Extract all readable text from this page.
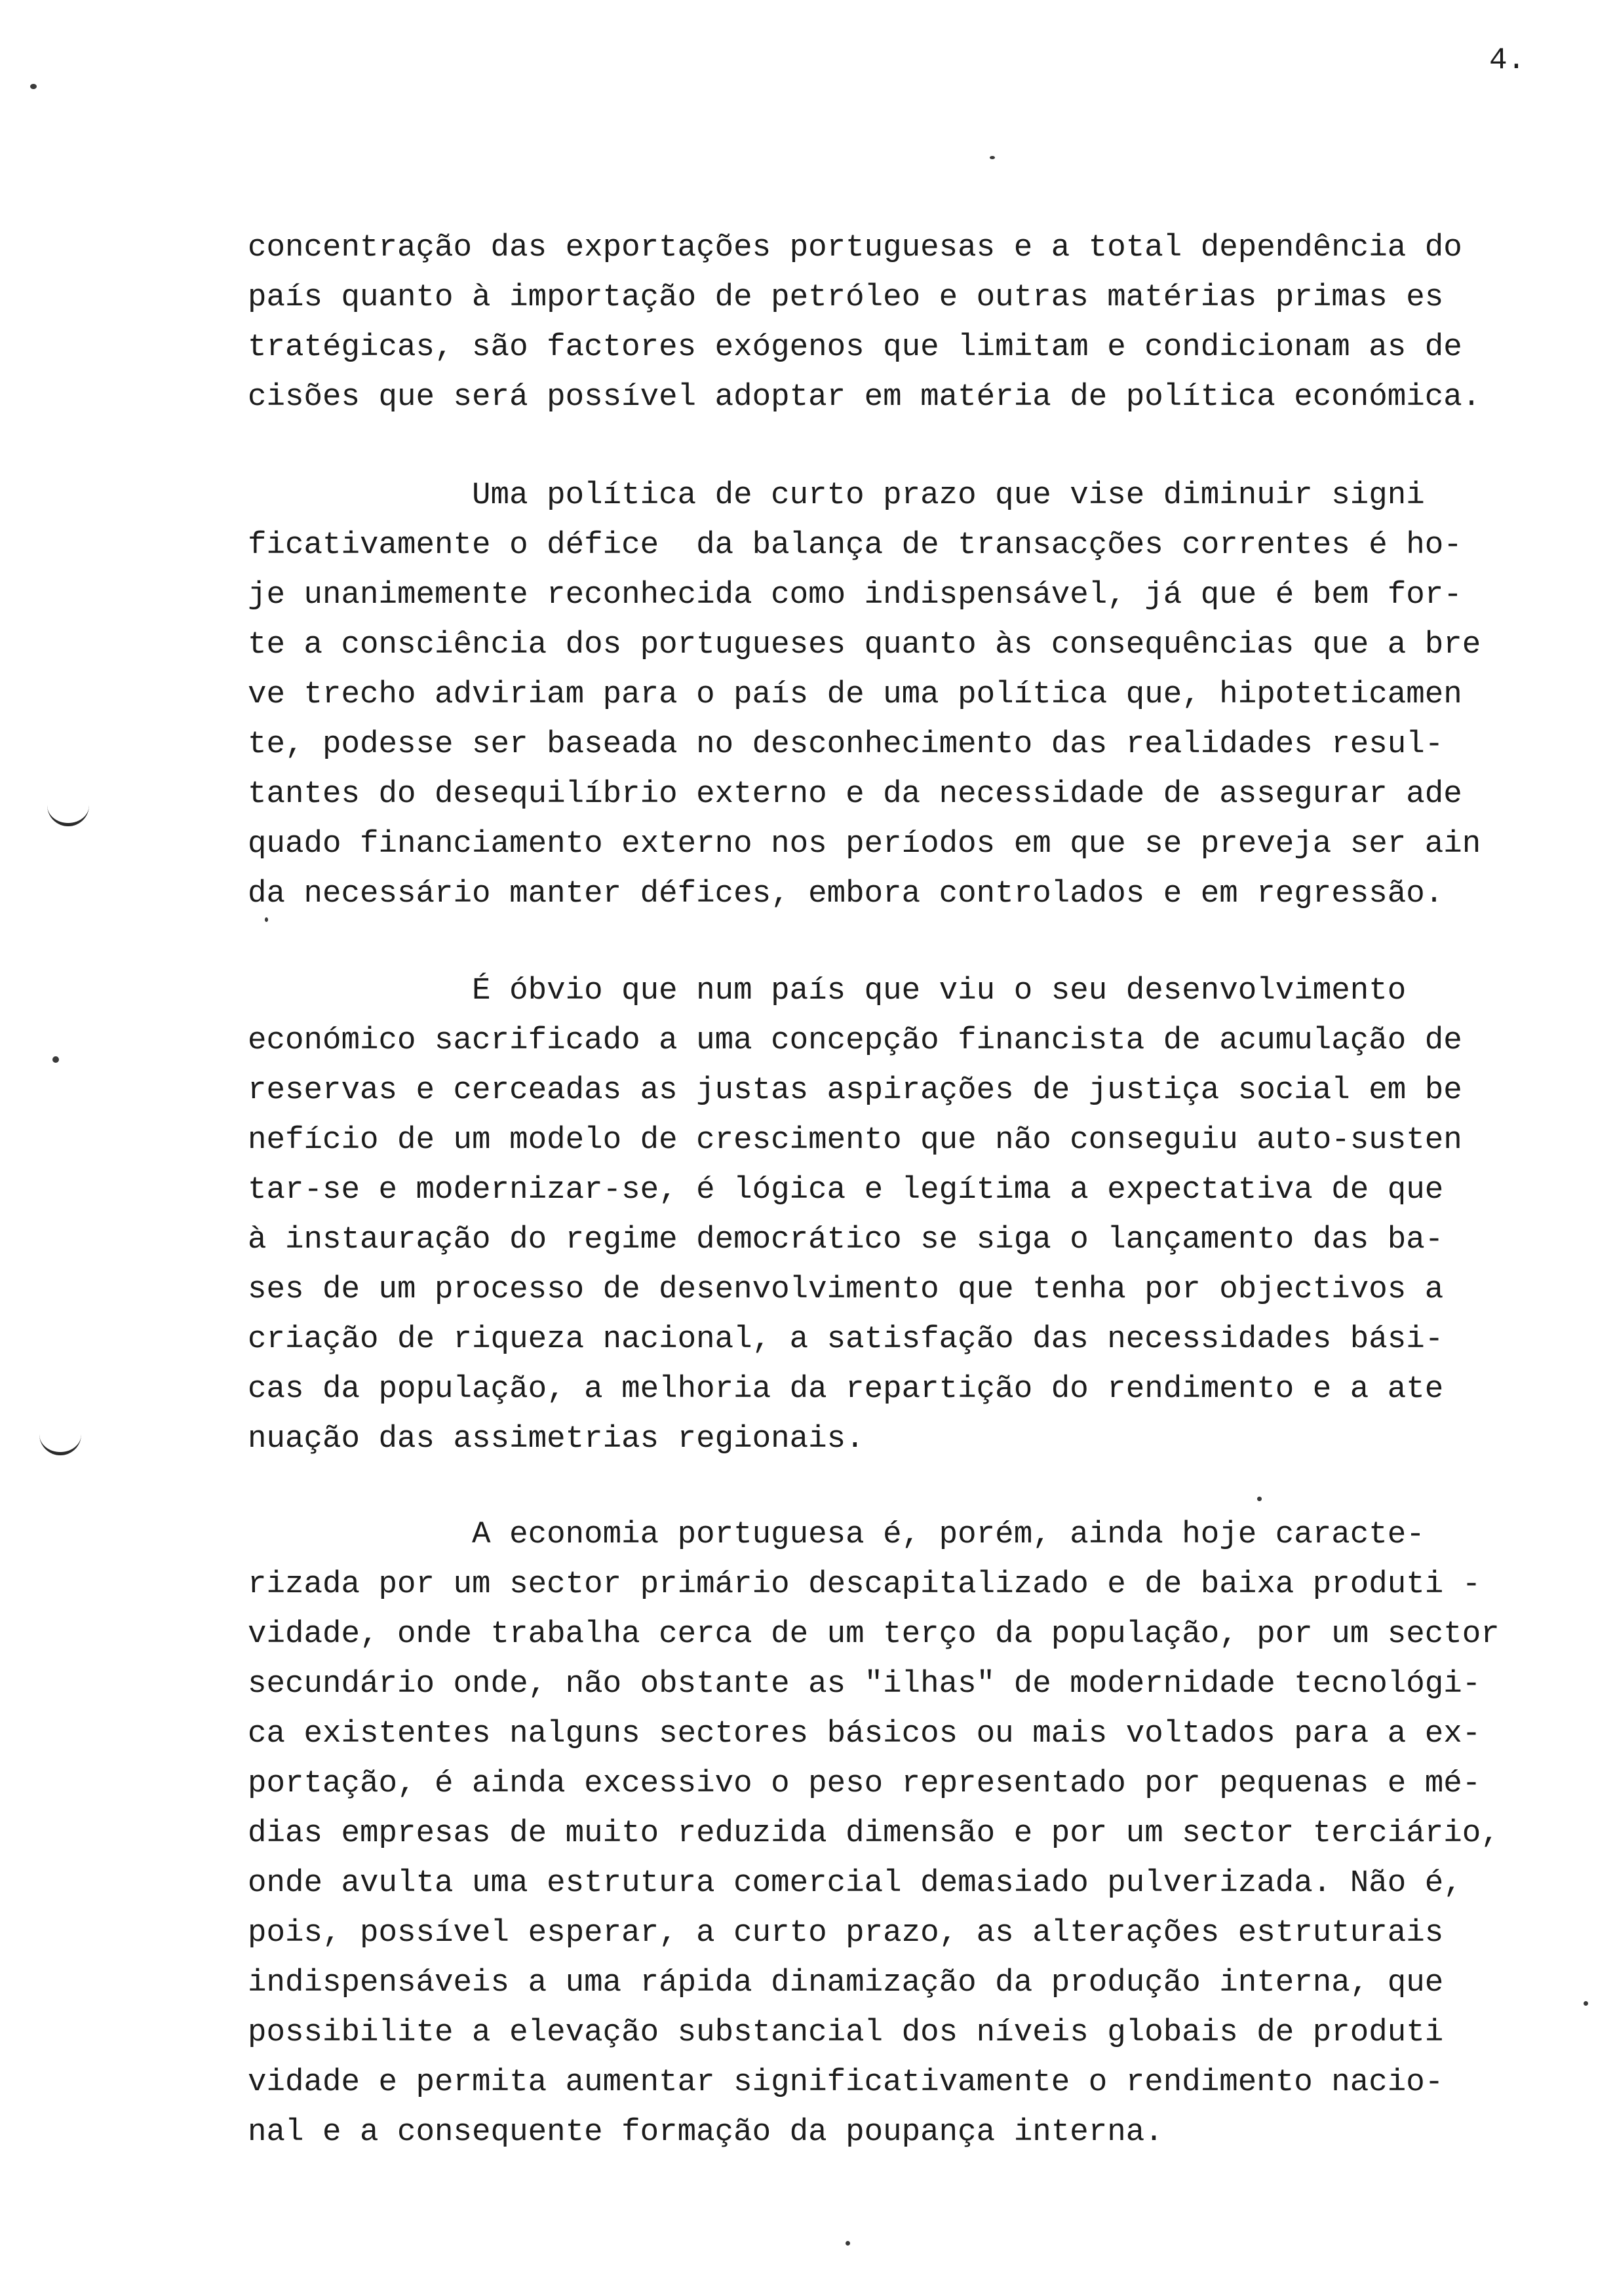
4.
concentração das exportações portuguesas e a total dependência do
país quanto à importação de petróleo e outras matérias primas es
tratégicas, são factores exógenos que limitam e condicionam as de
cisões que será possível adoptar em matéria de política económica.
Uma política de curto prazo que vise diminuir signi
ficativamente o défice  da balança de transacções correntes é ho-
je unanimemente reconhecida como indispensável, já que é bem for-
te a consciência dos portugueses quanto às consequências que a bre
ve trecho adviriam para o país de uma política que, hipoteticamen
te, podesse ser baseada no desconhecimento das realidades resul-
tantes do desequilíbrio externo e da necessidade de assegurar ade
quado financiamento externo nos períodos em que se preveja ser ain
da necessário manter défices, embora controlados e em regressão.
É óbvio que num país que viu o seu desenvolvimento
económico sacrificado a uma concepção financista de acumulação de
reservas e cerceadas as justas aspirações de justiça social em be
nefício de um modelo de crescimento que não conseguiu auto-susten
tar-se e modernizar-se, é lógica e legítima a expectativa de que
à instauração do regime democrático se siga o lançamento das ba-
ses de um processo de desenvolvimento que tenha por objectivos a
criação de riqueza nacional, a satisfação das necessidades bási-
cas da população, a melhoria da repartição do rendimento e a ate
nuação das assimetrias regionais.
A economia portuguesa é, porém, ainda hoje caracte-
rizada por um sector primário descapitalizado e de baixa produti -
vidade, onde trabalha cerca de um terço da população, por um sector
secundário onde, não obstante as "ilhas" de modernidade tecnológi-
ca existentes nalguns sectores básicos ou mais voltados para a ex-
portação, é ainda excessivo o peso representado por pequenas e mé-
dias empresas de muito reduzida dimensão e por um sector terciário,
onde avulta uma estrutura comercial demasiado pulverizada. Não é,
pois, possível esperar, a curto prazo, as alterações estruturais
indispensáveis a uma rápida dinamização da produção interna, que
possibilite a elevação substancial dos níveis globais de produti
vidade e permita aumentar significativamente o rendimento nacio-
nal e a consequente formação da poupança interna.
